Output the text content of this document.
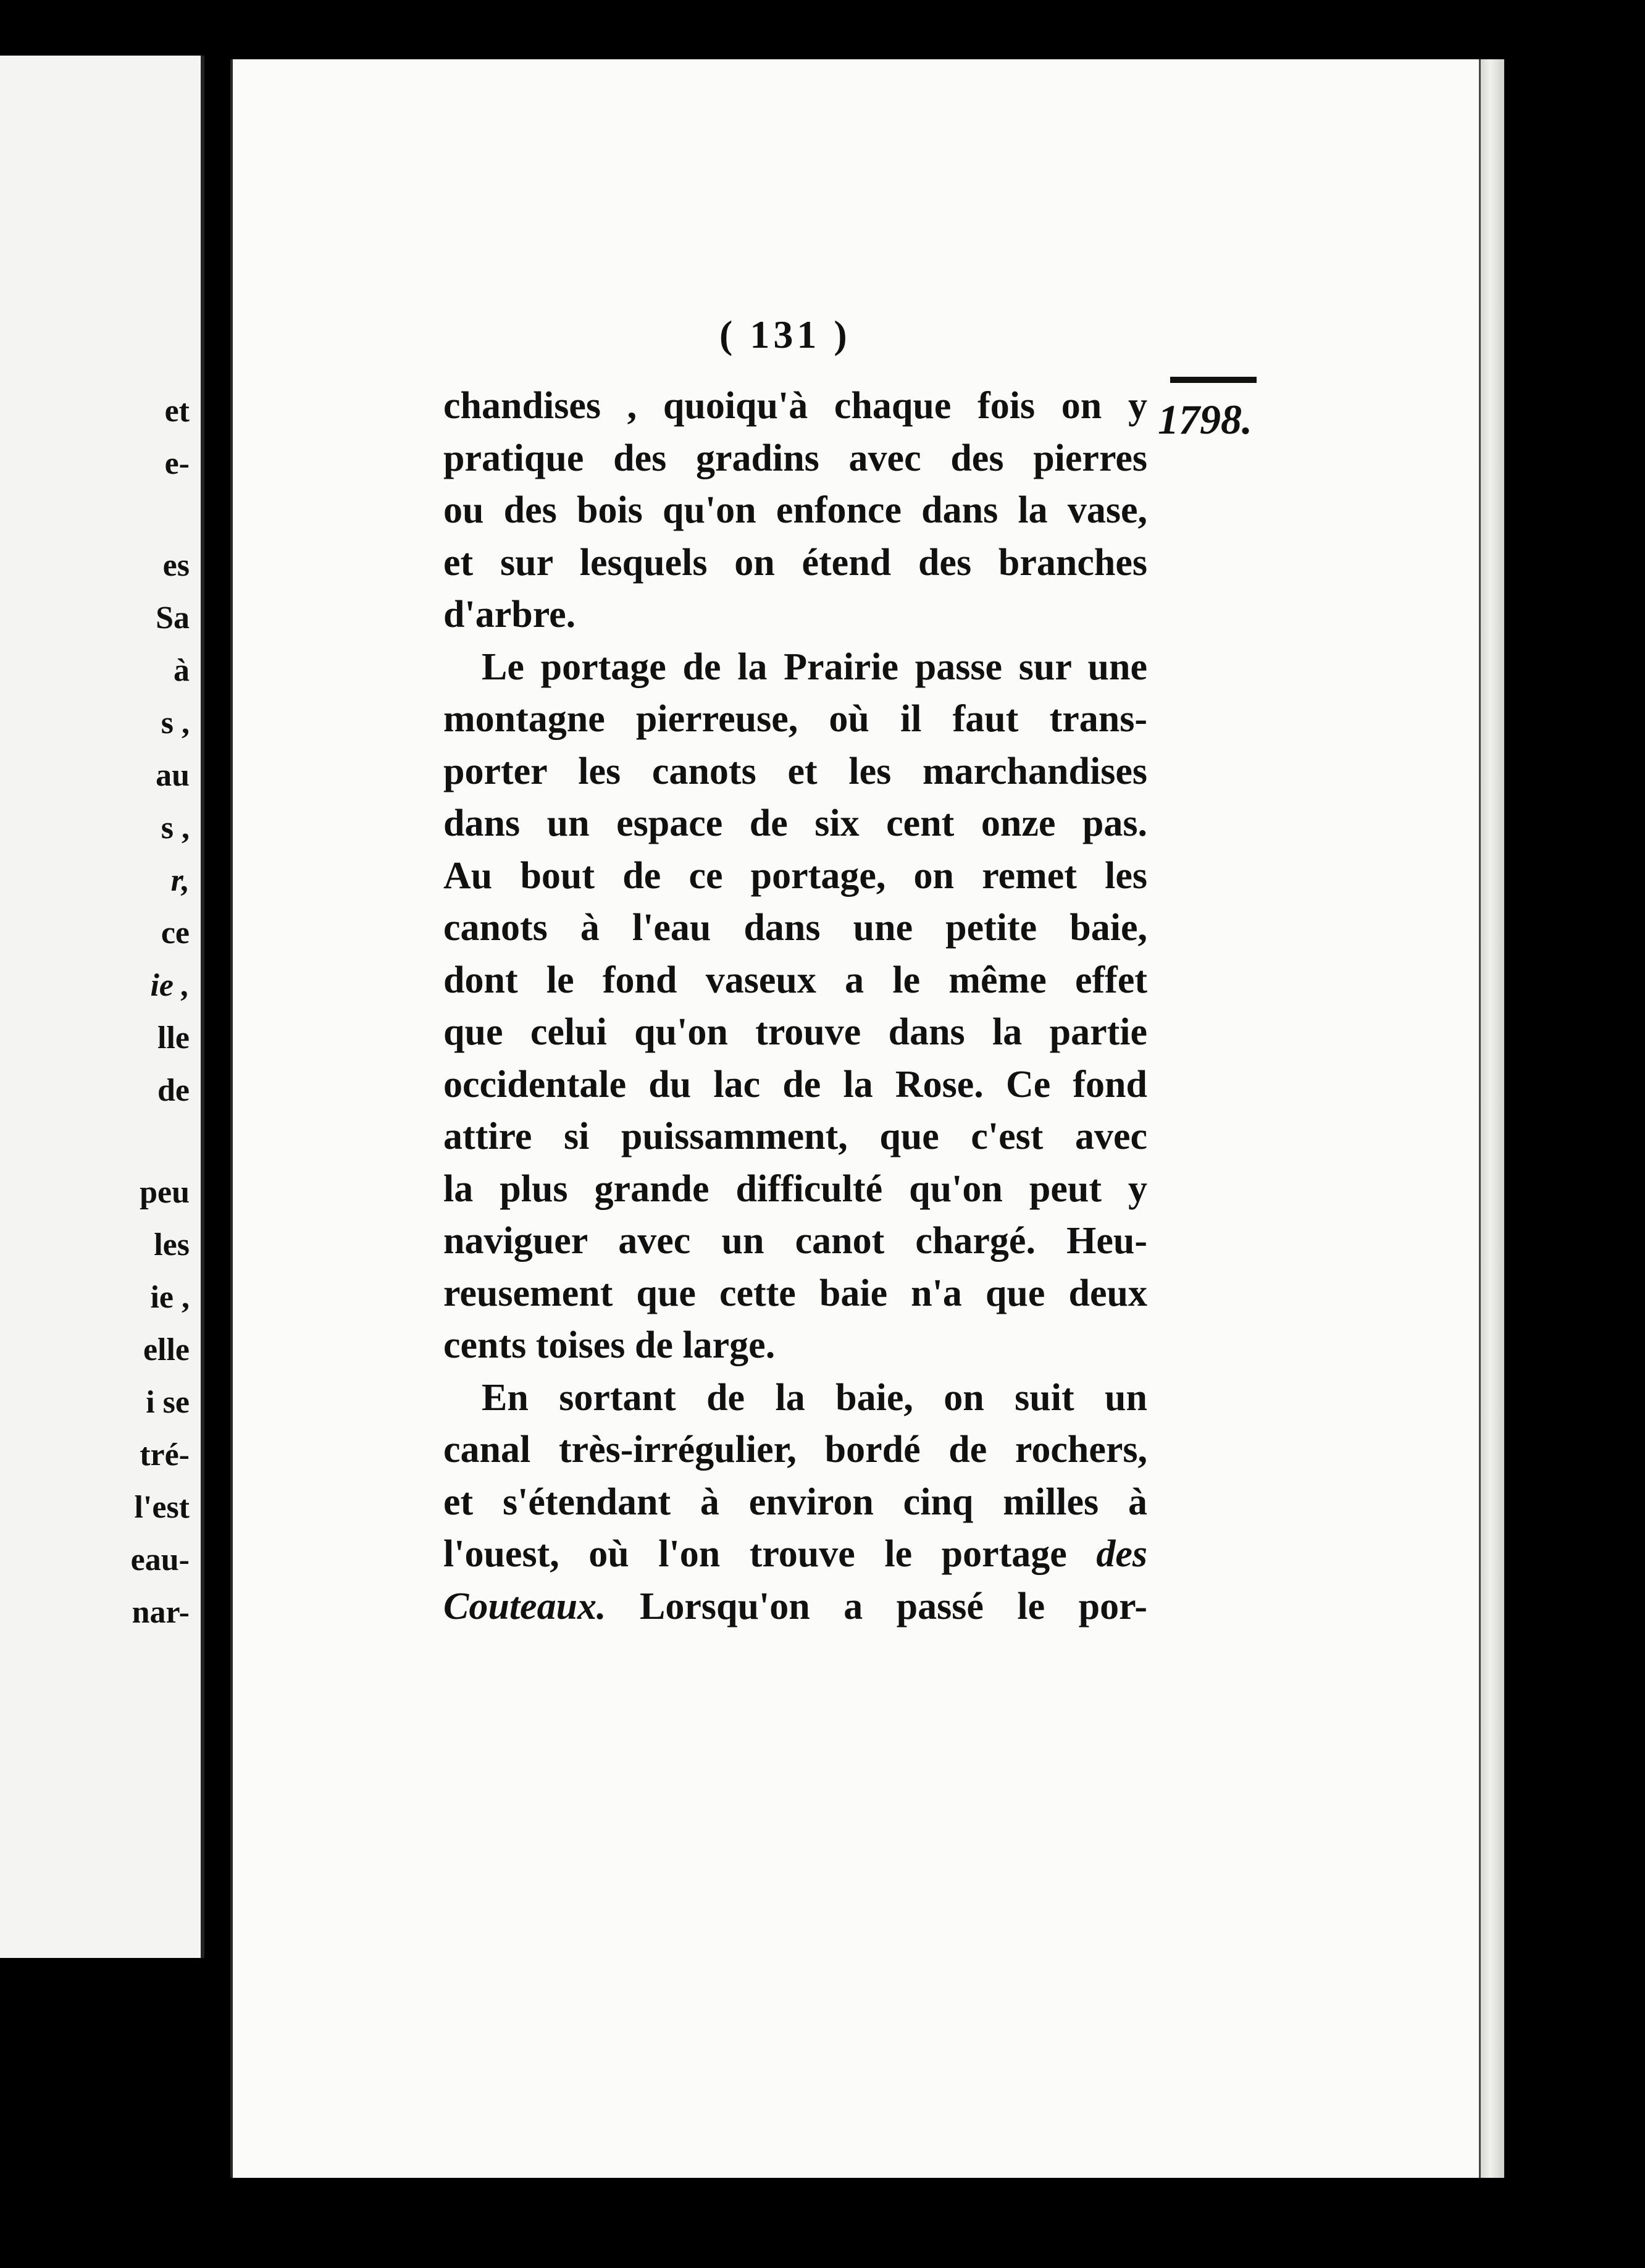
et
e-
es
Sa
à
s ,
au
s ,
r,
ce
ie ,
lle
de
peu
les
ie ,
elle
i se
tré-
l'est
eau-
nar-
( 131 )
1798.
chandises , quoiqu'à chaque fois on y
pratique des gradins avec des pierres
ou des bois qu'on enfonce dans la vase,
et sur lesquels on étend des branches
d'arbre.
Le portage de la Prairie passe sur une
montagne pierreuse, où il faut trans-
porter les canots et les marchandises
dans un espace de six cent onze pas.
Au bout de ce portage, on remet les
canots à l'eau dans une petite baie,
dont le fond vaseux a le même effet
que celui qu'on trouve dans la partie
occidentale du lac de la Rose. Ce fond
attire si puissamment, que c'est avec
la plus grande difficulté qu'on peut y
naviguer avec un canot chargé. Heu-
reusement que cette baie n'a que deux
cents toises de large.
En sortant de la baie, on suit un
canal très-irrégulier, bordé de rochers,
et s'étendant à environ cinq milles à
l'ouest, où l'on trouve le portage des
Couteaux. Lorsqu'on a passé le por-
